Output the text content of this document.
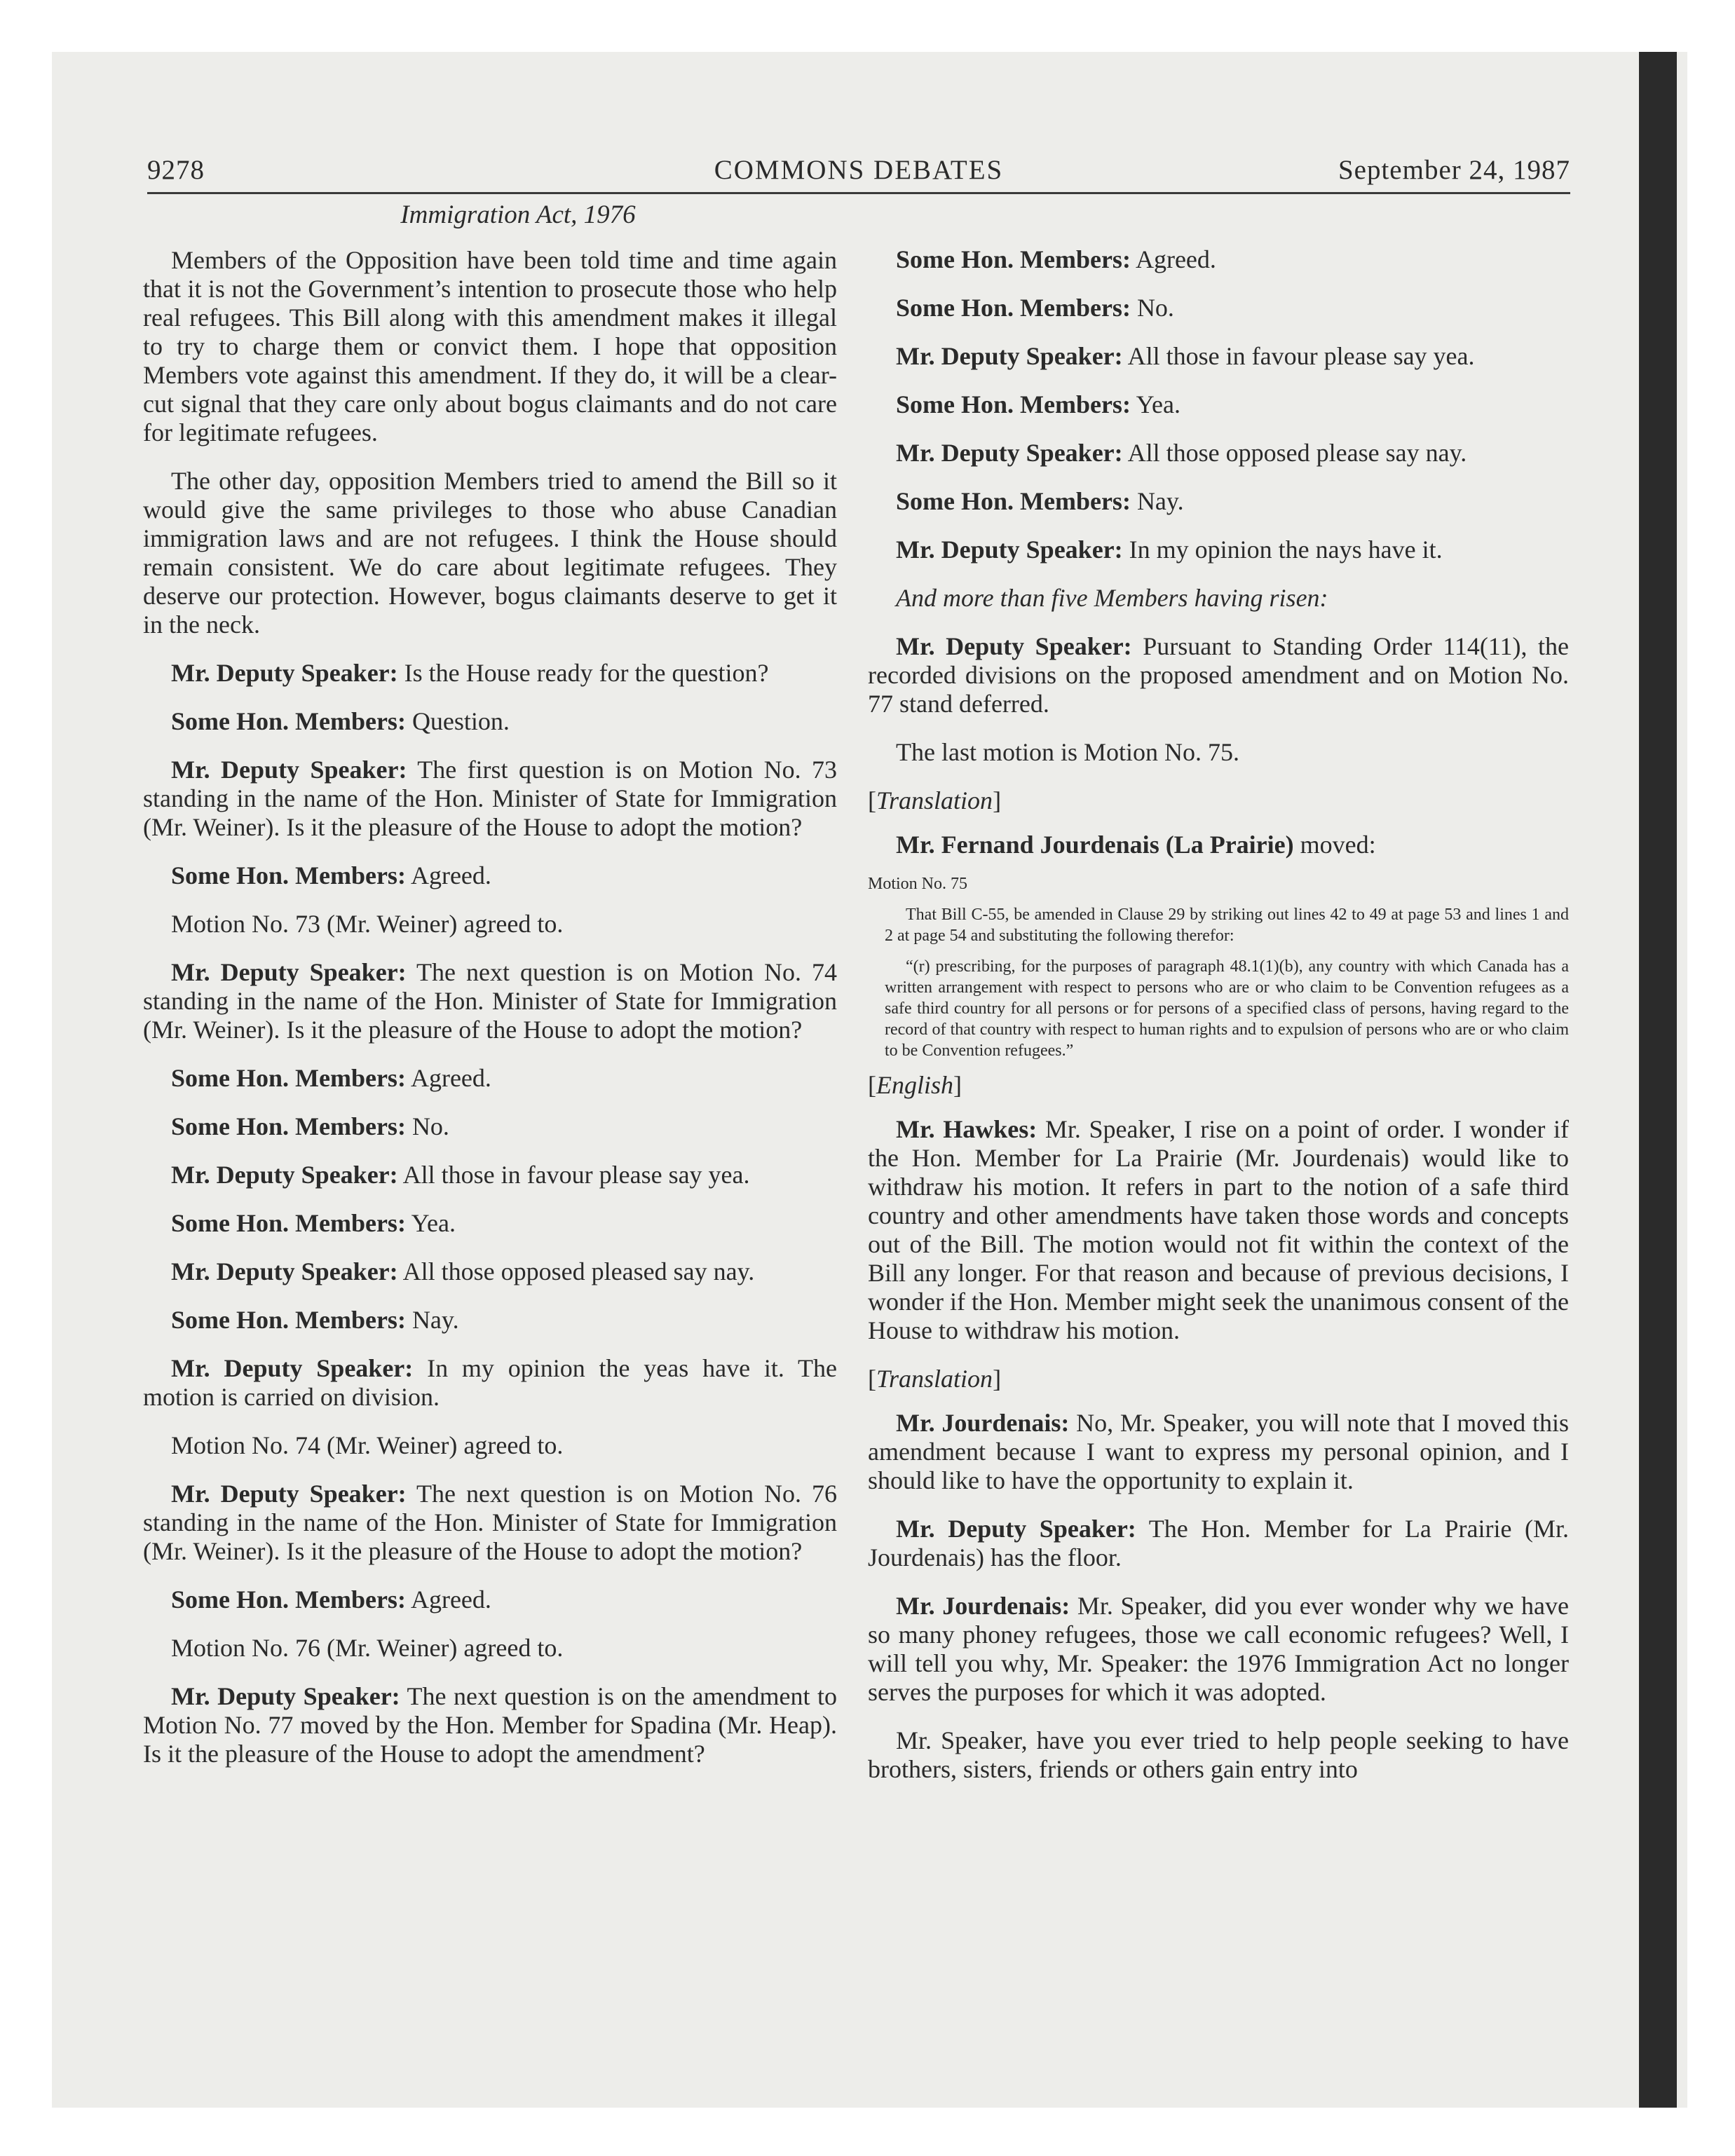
9278	COMMONS DEBATES	September 24, 1987
Immigration Act, 1976

Members of the Opposition have been told time and time again that it is not the Government’s intention to prosecute those who help real refugees. This Bill along with this amendment makes it illegal to try to charge them or convict them. I hope that opposition Members vote against this amendment. If they do, it will be a clear-cut signal that they care only about bogus claimants and do not care for legitimate refugees.

The other day, opposition Members tried to amend the Bill so it would give the same privileges to those who abuse Canadian immigration laws and are not refugees. I think the House should remain consistent. We do care about legitimate refugees. They deserve our protection. However, bogus claimants deserve to get it in the neck.

Mr. Deputy Speaker: Is the House ready for the question?

Some Hon. Members: Question.

Mr. Deputy Speaker: The first question is on Motion No. 73 standing in the name of the Hon. Minister of State for Immigration (Mr. Weiner). Is it the pleasure of the House to adopt the motion?

Some Hon. Members: Agreed.

Motion No. 73 (Mr. Weiner) agreed to.

Mr. Deputy Speaker: The next question is on Motion No. 74 standing in the name of the Hon. Minister of State for Immigration (Mr. Weiner). Is it the pleasure of the House to adopt the motion?

Some Hon. Members: Agreed.

Some Hon. Members: No.

Mr. Deputy Speaker: All those in favour please say yea.

Some Hon. Members: Yea.

Mr. Deputy Speaker: All those opposed pleased say nay.

Some Hon. Members: Nay.

Mr. Deputy Speaker: In my opinion the yeas have it. The motion is carried on division.

Motion No. 74 (Mr. Weiner) agreed to.

Mr. Deputy Speaker: The next question is on Motion No. 76 standing in the name of the Hon. Minister of State for Immigration (Mr. Weiner). Is it the pleasure of the House to adopt the motion?

Some Hon. Members: Agreed.

Motion No. 76 (Mr. Weiner) agreed to.

Mr. Deputy Speaker: The next question is on the amendment to Motion No. 77 moved by the Hon. Member for Spadina (Mr. Heap). Is it the pleasure of the House to adopt the amendment?

Some Hon. Members: Agreed.

Some Hon. Members: No.

Mr. Deputy Speaker: All those in favour please say yea.

Some Hon. Members: Yea.

Mr. Deputy Speaker: All those opposed please say nay.

Some Hon. Members: Nay.

Mr. Deputy Speaker: In my opinion the nays have it.

And more than five Members having risen:

Mr. Deputy Speaker: Pursuant to Standing Order 114(11), the recorded divisions on the proposed amendment and on Motion No. 77 stand deferred.

The last motion is Motion No. 75.

[Translation]

Mr. Fernand Jourdenais (La Prairie) moved:

Motion No. 75

That Bill C-55, be amended in Clause 29 by striking out lines 42 to 49 at page 53 and lines 1 and 2 at page 54 and substituting the following therefor:

“(r) prescribing, for the purposes of paragraph 48.1(1)(b), any country with which Canada has a written arrangement with respect to persons who are or who claim to be Convention refugees as a safe third country for all persons or for persons of a specified class of persons, having regard to the record of that country with respect to human rights and to expulsion of persons who are or who claim to be Convention refugees.”

[English]

Mr. Hawkes: Mr. Speaker, I rise on a point of order. I wonder if the Hon. Member for La Prairie (Mr. Jourdenais) would like to withdraw his motion. It refers in part to the notion of a safe third country and other amendments have taken those words and concepts out of the Bill. The motion would not fit within the context of the Bill any longer. For that reason and because of previous decisions, I wonder if the Hon. Member might seek the unanimous consent of the House to withdraw his motion.

[Translation]

Mr. Jourdenais: No, Mr. Speaker, you will note that I moved this amendment because I want to express my personal opinion, and I should like to have the opportunity to explain it.

Mr. Deputy Speaker: The Hon. Member for La Prairie (Mr. Jourdenais) has the floor.

Mr. Jourdenais: Mr. Speaker, did you ever wonder why we have so many phoney refugees, those we call economic refugees? Well, I will tell you why, Mr. Speaker: the 1976 Immigration Act no longer serves the purposes for which it was adopted.

Mr. Speaker, have you ever tried to help people seeking to have brothers, sisters, friends or others gain entry into
